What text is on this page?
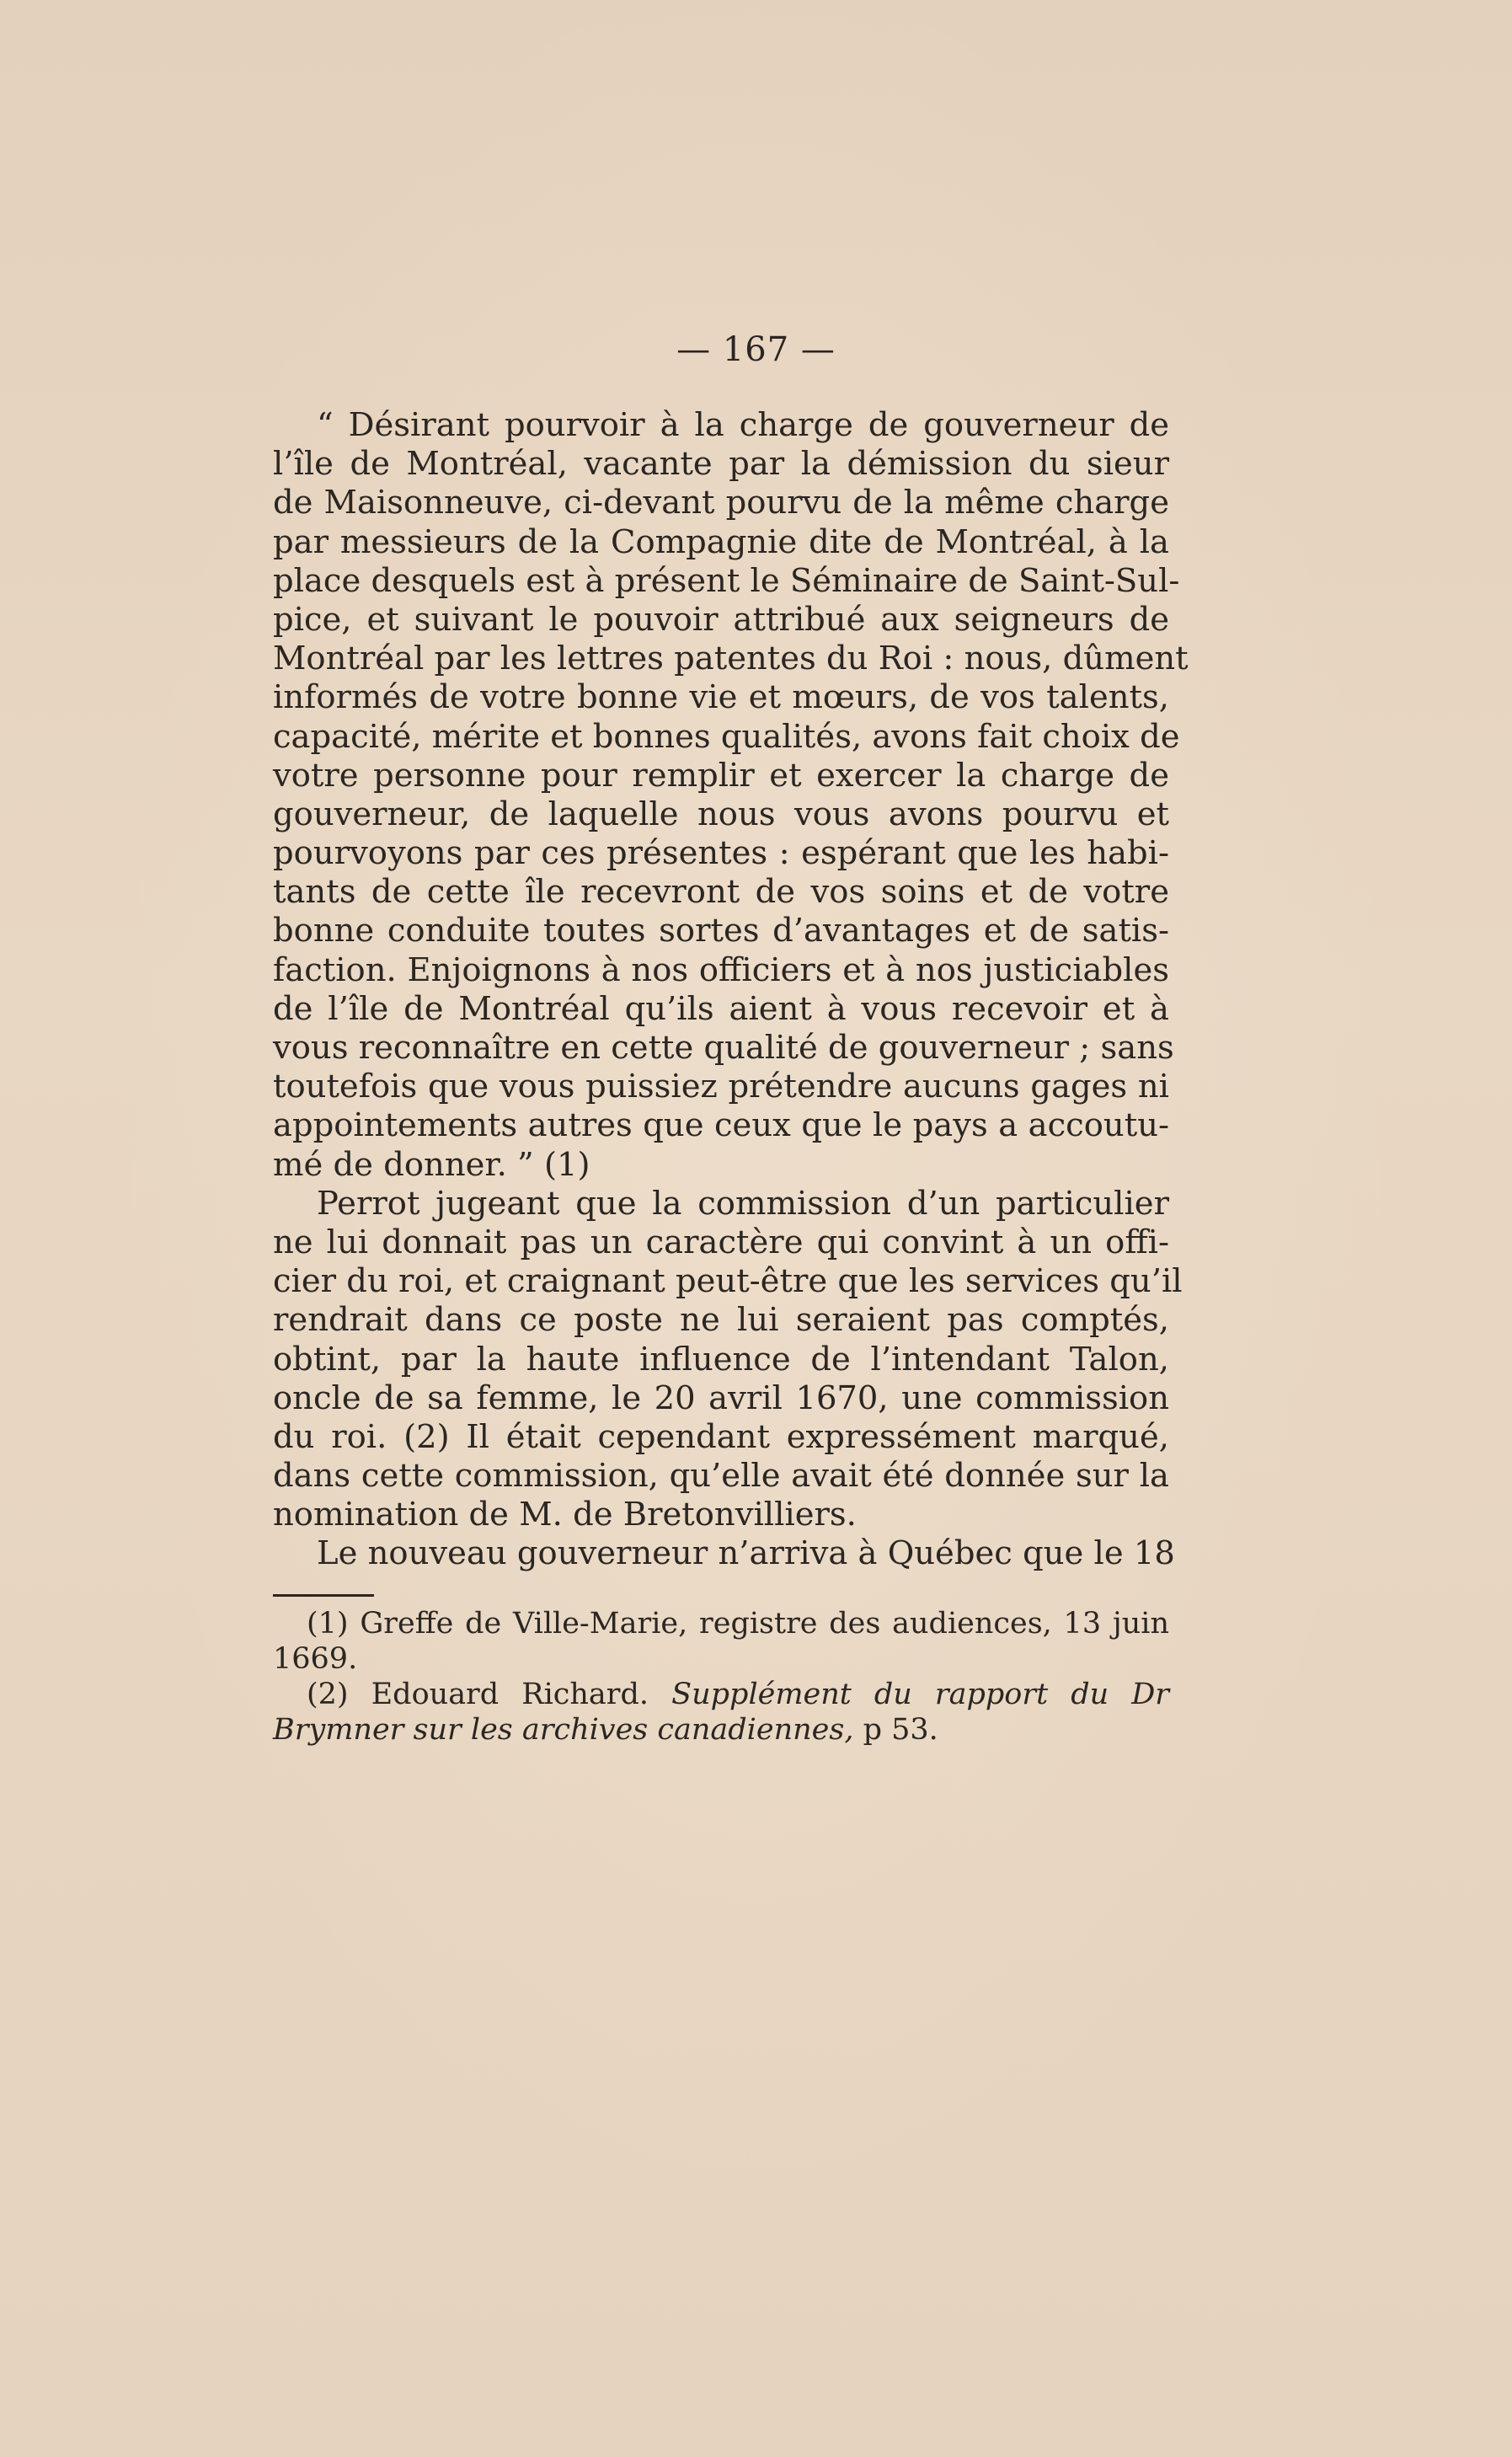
— 167 —
“ Désirant pourvoir à la charge de gouverneur de
l’île de Montréal, vacante par la démission du sieur
de Maisonneuve, ci-devant pourvu de la même charge
par messieurs de la Compagnie dite de Montréal, à la
place desquels est à présent le Séminaire de Saint-Sul-
pice, et suivant le pouvoir attribué aux seigneurs de
Montréal par les lettres patentes du Roi : nous, dûment
informés de votre bonne vie et mœurs, de vos talents,
capacité, mérite et bonnes qualités, avons fait choix de
votre personne pour remplir et exercer la charge de
gouverneur, de laquelle nous vous avons pourvu et
pourvoyons par ces présentes : espérant que les habi-
tants de cette île recevront de vos soins et de votre
bonne conduite toutes sortes d’avantages et de satis-
faction. Enjoignons à nos officiers et à nos justiciables
de l’île de Montréal qu’ils aient à vous recevoir et à
vous reconnaître en cette qualité de gouverneur ; sans
toutefois que vous puissiez prétendre aucuns gages ni
appointements autres que ceux que le pays a accoutu-
mé de donner. ” (1)
Perrot jugeant que la commission d’un particulier
ne lui donnait pas un caractère qui convint à un offi-
cier du roi, et craignant peut-être que les services qu’il
rendrait dans ce poste ne lui seraient pas comptés,
obtint, par la haute influence de l’intendant Talon,
oncle de sa femme, le 20 avril 1670, une commission
du roi. (2) Il était cependant expressément marqué,
dans cette commission, qu’elle avait été donnée sur la
nomination de M. de Bretonvilliers.
Le nouveau gouverneur n’arriva à Québec que le 18
(1) Greffe de Ville-Marie, registre des audiences, 13 juin
1669.
(2) Edouard Richard. Supplément du rapport du Dr
Brymner sur les archives canadiennes, p 53.
